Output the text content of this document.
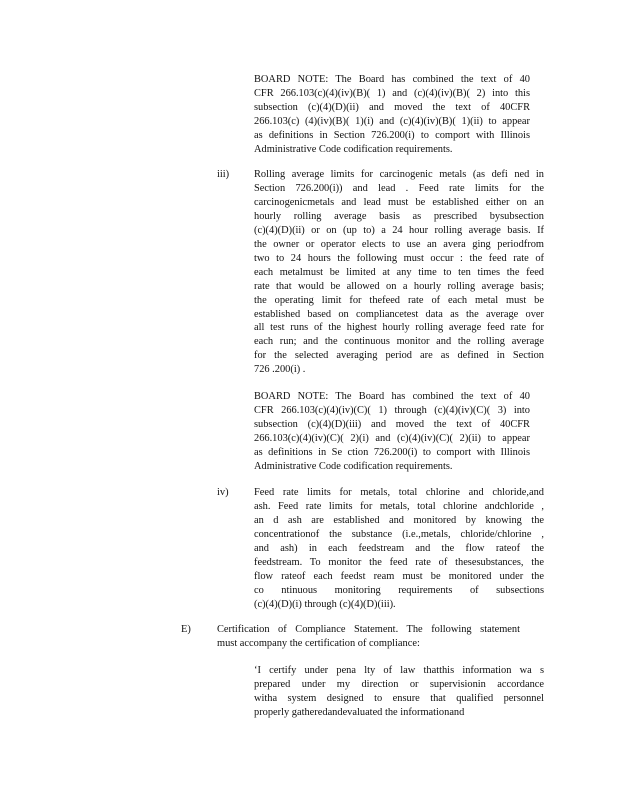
BOARD NOTE: The Board has combined the text of 40
CFR 266.103(c)(4)(iv)(B)( 1) and (c)(4)(iv)(B)( 2) into this
subsection (c)(4)(D)(ii) and moved the text of 40CFR
266.103(c) (4)(iv)(B)( 1)(i) and (c)(4)(iv)(B)( 1)(ii) to appear
as definitions in Section 726.200(i) to comport with Illinois
Administrative Code codification requirements.
iii) Rolling average limits for carcinogenic metals (as defi ned in
Section 726.200(i)) and lead . Feed rate limits for the
carcinogenicmetals and lead must be established either on an
hourly rolling average basis as prescribed bysubsection
(c)(4)(D)(ii) or on (up to) a 24 hour rolling average basis. If
the owner or operator elects to use an avera ging periodfrom
two to 24 hours the following must occur : the feed rate of
each metalmust be limited at any time to ten times the feed
rate that would be allowed on a hourly rolling average basis;
the operating limit for thefeed rate of each metal must be
established based on compliancetest data as the average over
all test runs of the highest hourly rolling average feed rate for
each run; and the continuous monitor and the rolling average
for the selected averaging period are as defined in Section
726 .200(i) .
BOARD NOTE: The Board has combined the text of 40
CFR 266.103(c)(4)(iv)(C)( 1) through (c)(4)(iv)(C)( 3) into
subsection (c)(4)(D)(iii) and moved the text of 40CFR
266.103(c)(4)(iv)(C)( 2)(i) and (c)(4)(iv)(C)( 2)(ii) to appear
as definitions in Se ction 726.200(i) to comport with Illinois
Administrative Code codification requirements.
iv) Feed rate limits for metals, total chlorine and chloride,and
ash. Feed rate limits for metals, total chlorine andchloride ,
an d ash are established and monitored by knowing the
concentrationof the substance (i.e.,metals, chloride/chlorine ,
and ash) in each feedstream and the flow rateof the
feedstream. To monitor the feed rate of thesesubstances, the
flow rateof each feedst ream must be monitored under the
co ntinuous monitoring requirements of subsections
(c)(4)(D)(i) through (c)(4)(D)(iii).
E)	Certification of Compliance Statement. The following statement
must accompany the certification of compliance:
‘I certify under pena lty of law thatthis information wa s
prepared under my direction or supervisionin accordance
witha system designed to ensure that qualified personnel
properly gatheredandevaluated the informationand
